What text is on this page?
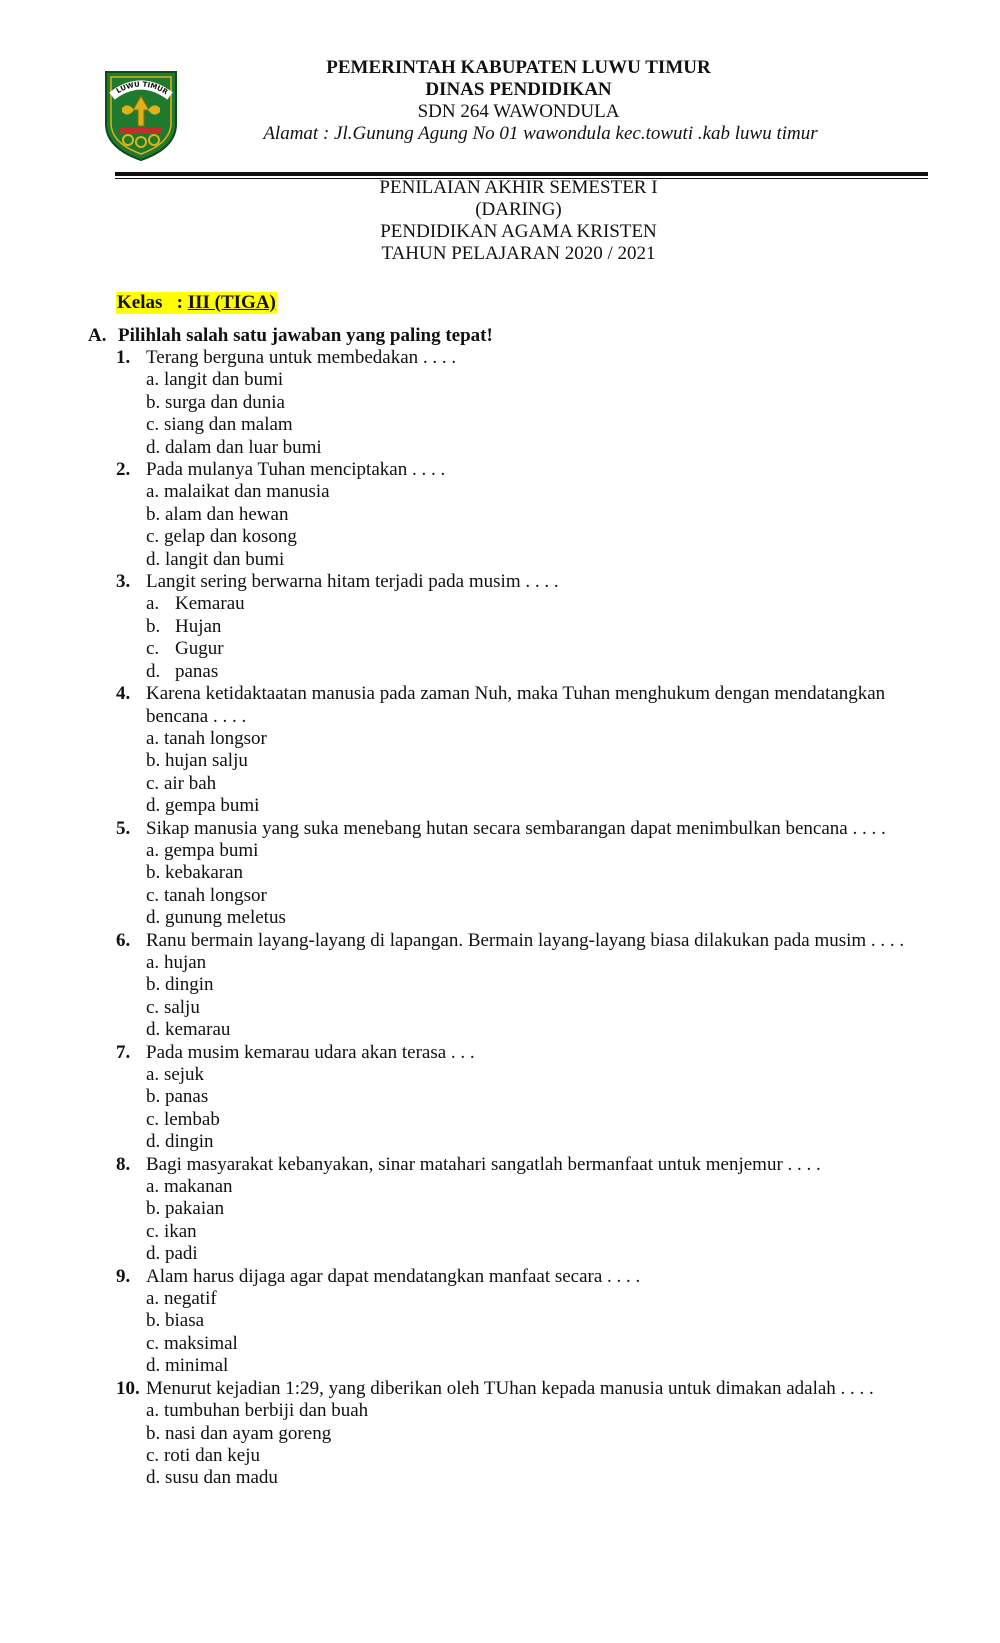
LUWU TIMUR
PEMERINTAH KABUPATEN LUWU TIMUR
DINAS PENDIDIKAN
SDN 264 WAWONDULA
Alamat : Jl.Gunung Agung No 01 wawondula kec.towuti .kab luwu timur
PENILAIAN AKHIR SEMESTER I
(DARING)
PENDIDIKAN AGAMA KRISTEN
TAHUN PELAJARAN 2020 / 2021
Kelas   : III (TIGA)
A. Pilihlah salah satu jawaban yang paling tepat!
1. Terang berguna untuk membedakan . . . .
a. langit dan bumi
b. surga dan dunia
c. siang dan malam
d. dalam dan luar bumi
2. Pada mulanya Tuhan menciptakan . . . .
a. malaikat dan manusia
b. alam dan hewan
c. gelap dan kosong
d. langit dan bumi
3. Langit sering berwarna hitam terjadi pada musim . . . .
a. Kemarau
b. Hujan
c. Gugur
d. panas
4. Karena ketidaktaatan manusia pada zaman Nuh, maka Tuhan menghukum dengan mendatangkan bencana . . . .
a. tanah longsor
b. hujan salju
c. air bah
d. gempa bumi
5. Sikap manusia yang suka menebang hutan secara sembarangan dapat menimbulkan bencana . . . .
a. gempa bumi
b. kebakaran
c. tanah longsor
d. gunung meletus
6. Ranu bermain layang-layang di lapangan. Bermain layang-layang biasa dilakukan pada musim . . . .
a. hujan
b. dingin
c. salju
d. kemarau
7. Pada musim kemarau udara akan terasa . . .
a. sejuk
b. panas
c. lembab
d. dingin
8. Bagi masyarakat kebanyakan, sinar matahari sangatlah bermanfaat untuk menjemur . . . .
a. makanan
b. pakaian
c. ikan
d. padi
9. Alam harus dijaga agar dapat mendatangkan manfaat secara . . . .
a. negatif
b. biasa
c. maksimal
d. minimal
10. Menurut kejadian 1:29, yang diberikan oleh TUhan kepada manusia untuk dimakan adalah . . . .
a. tumbuhan berbiji dan buah
b. nasi dan ayam goreng
c. roti dan keju
d. susu dan madu
